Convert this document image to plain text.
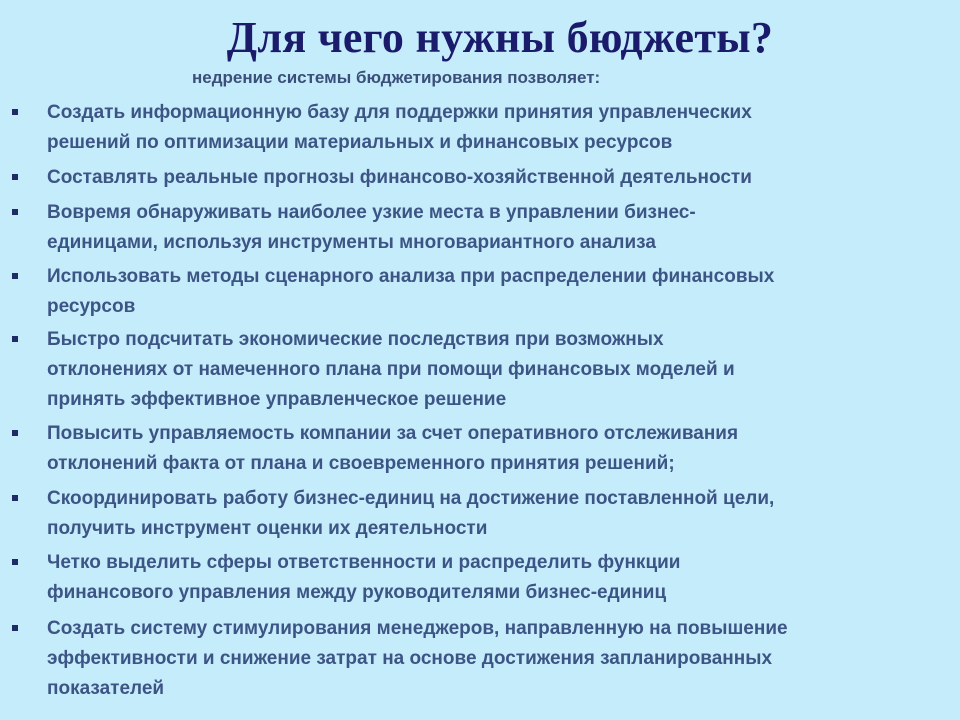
Для чего нужны бюджеты?

недрение системы бюджетирования позволяет:

Создать информационную базу для поддержки принятия управленческих
решений по оптимизации материальных и финансовых ресурсов

Составлять реальные прогнозы финансово-хозяйственной деятельности

Вовремя обнаруживать наиболее узкие места в управлении бизнес-
единицами, используя инструменты многовариантного анализа

Использовать методы сценарного анализа при распределении финансовых
ресурсов

Быстро подсчитать экономические последствия при возможных
отклонениях от намеченного плана при помощи финансовых моделей и
принять эффективное управленческое решение

Повысить управляемость компании за счет оперативного отслеживания
отклонений факта от плана и своевременного принятия решений;

Скоординировать работу бизнес-единиц на достижение поставленной цели,
получить инструмент оценки их деятельности

Четко выделить сферы ответственности и распределить функции
финансового управления между руководителями бизнес-единиц

Создать систему стимулирования менеджеров, направленную на повышение
эффективности и снижение затрат на основе достижения запланированных
показателей
